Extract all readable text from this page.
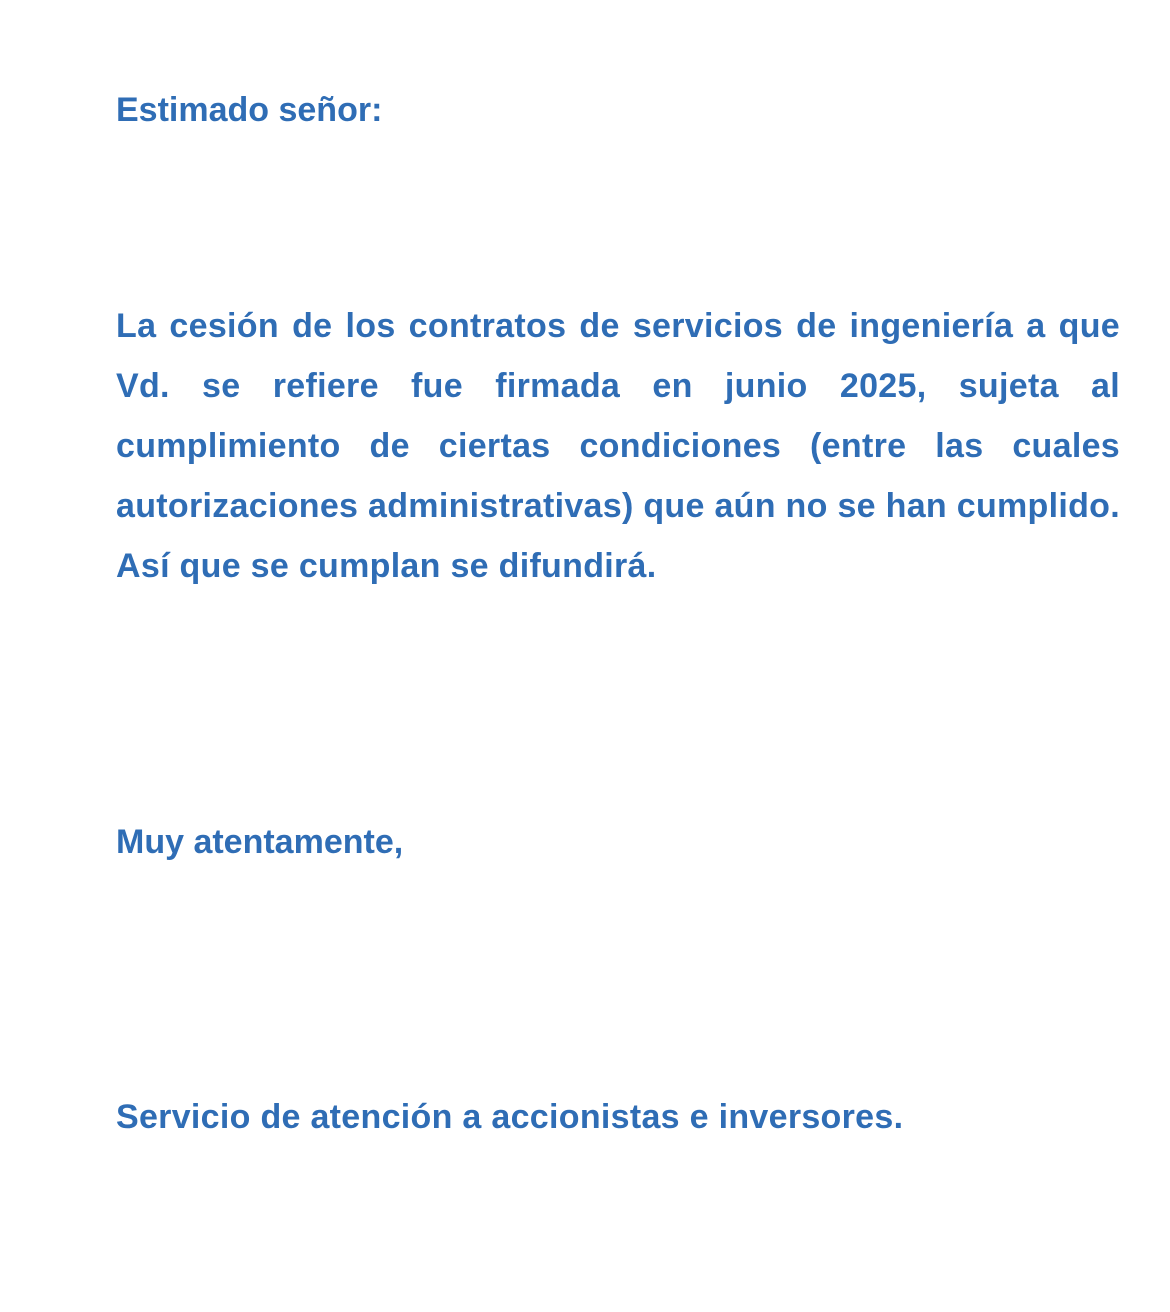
Estimado señor:

La cesión de los contratos de servicios de ingeniería a que Vd. se refiere fue firmada en junio 2025, sujeta al cumplimiento de ciertas condiciones (entre las cuales autorizaciones administrativas) que aún no se han cumplido. Así que se cumplan se difundirá.

Muy atentamente,

Servicio de atención a accionistas e inversores.
